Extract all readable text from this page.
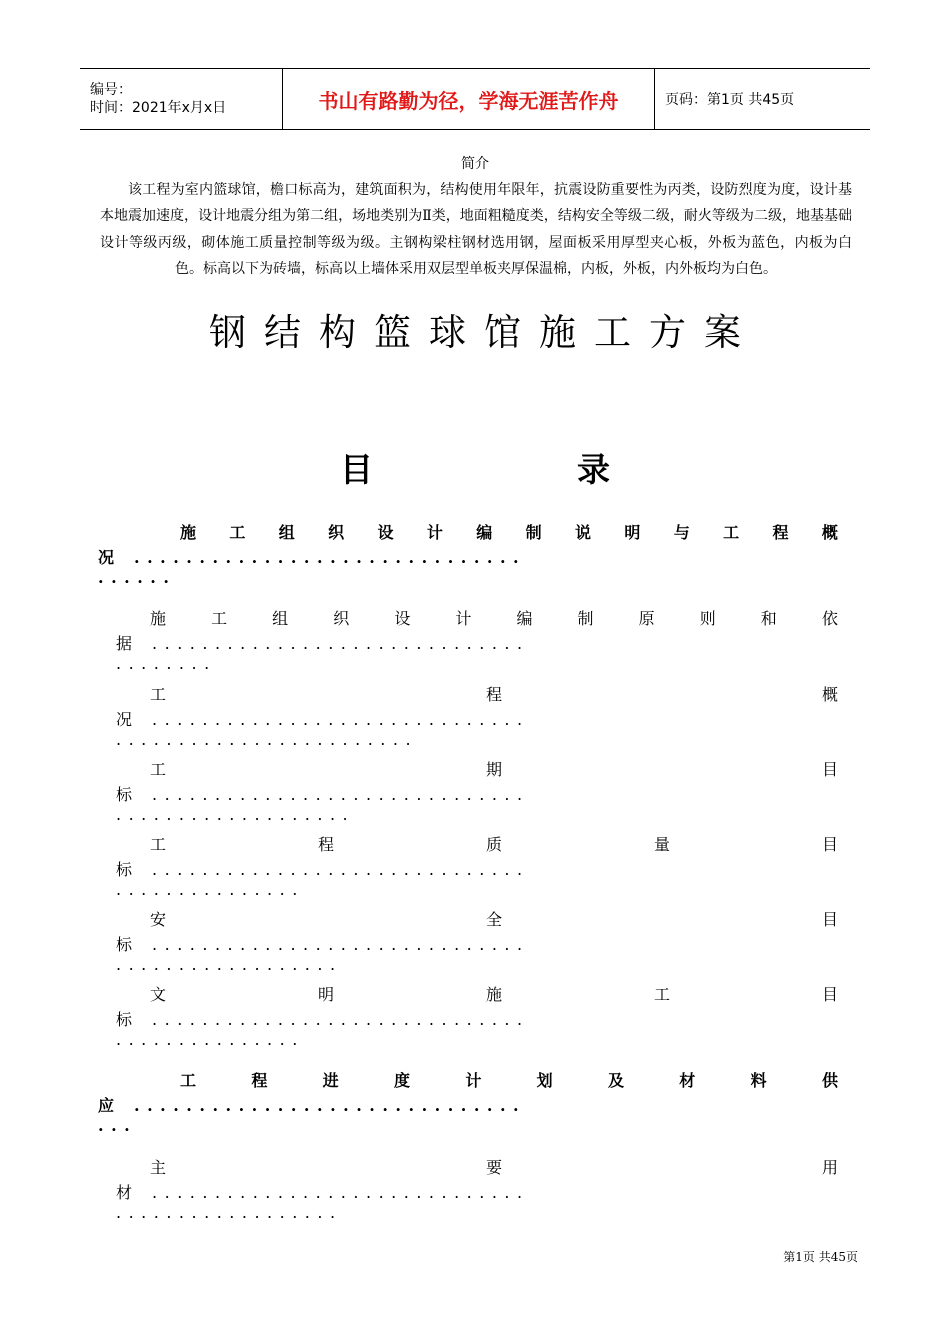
编号：
时间：2021年x月x日	书山有路勤为径，学海无涯苦作舟	页码：第1页 共45页
简介
该工程为室内篮球馆，檐口标高为，建筑面积为，结构使用年限年，抗震设防重要性为丙类，设防烈度为度，设计基本地震加速度，设计地震分组为第二组，场地类别为Ⅱ类，地面粗糙度类，结构安全等级二级，耐火等级为二级，地基基础设计等级丙级，砌体施工质量控制等级为级。主钢构梁柱钢材选用钢，屋面板采用厚型夹心板，外板为蓝色，内板为白色。标高以下为砖墙，标高以上墙体采用双层型单板夹厚保温棉，内板，外板，内外板均为白色。
钢结构篮球馆施工方案
目	录
施 工 组 织 设 计 编 制 说 明 与 工 程 概
况 ..............................
......
施	工	组	织	设	计	编	制	原	则	和	依
据 ..............................
........
工	程	概
况 ..............................
........................
工	期	目
标 ..............................
...................
工	程	质	量	目
标 ..............................
...............
安	全	目
标 ..............................
..................
文	明	施	工	目
标 ..............................
...............
工	程	进	度	计	划	及	材	料	供
应 ..............................
...
主	要	用
材 ..............................
..................
第1页 共45页
